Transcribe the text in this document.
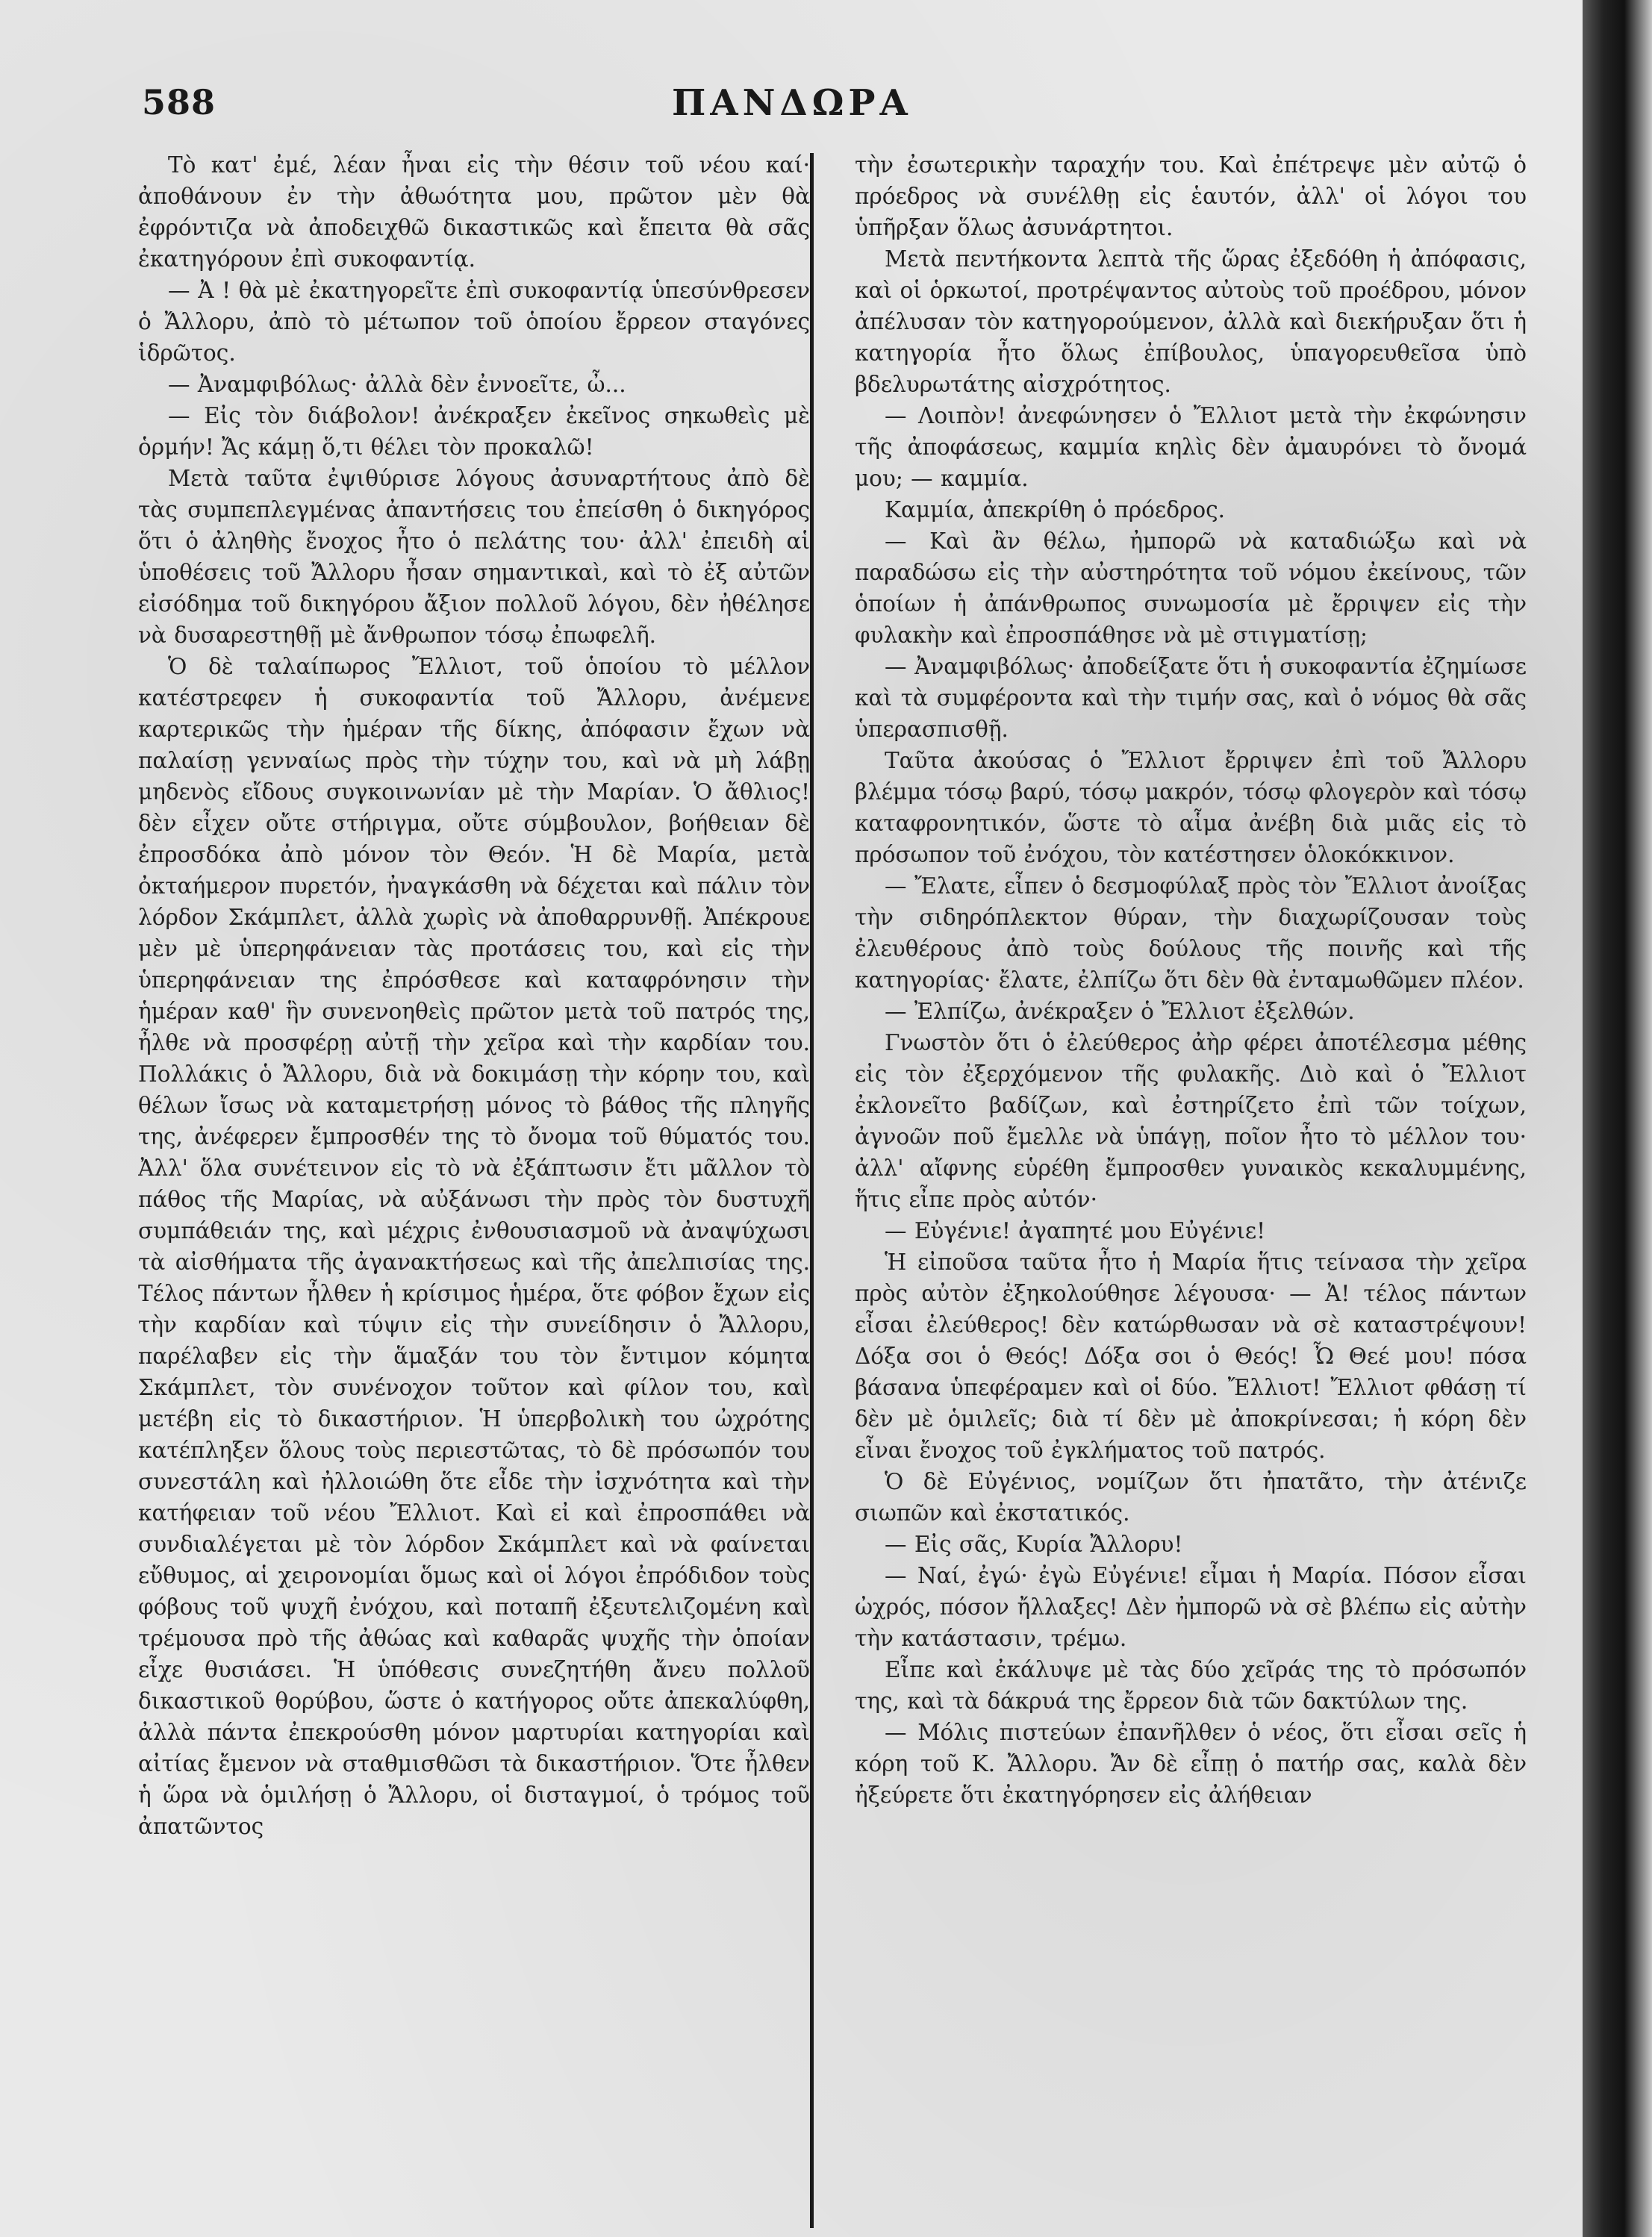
588	ΠΑΝΔΩΡΑ

Τὸ κατ' ἐμέ, λέαν ἦναι εἰς τὴν θέσιν τοῦ νέου καί· ἀποθάνουν ἐν τὴν ἀθωότητα μου, πρῶτον μὲν θὰ ἐφρόντιζα νὰ ἀποδειχθῶ δικαστικῶς καὶ ἔπειτα θὰ σᾶς ἐκατηγόρουν ἐπὶ συκοφαντίᾳ.

— Ἀ ! θὰ μὲ ἐκατηγορεῖτε ἐπὶ συκοφαντίᾳ ὑπεσύνθρεσεν ὁ Ἄλλορυ, ἀπὸ τὸ μέτωπον τοῦ ὁποίου ἔρρεον σταγόνες ἱδρῶτος.

— Ἀναμφιβόλως· ἀλλὰ δὲν ἐννοεῖτε, ὦ...

— Εἰς τὸν διάβολον! ἀνέκραξεν ἐκεῖνος σηκωθεὶς μὲ ὁρμήν! Ἄς κάμῃ ὅ,τι θέλει τὸν προκαλῶ!

Μετὰ ταῦτα ἐψιθύρισε λόγους ἀσυναρτήτους ἀπὸ δὲ τὰς συμπεπλεγμένας ἀπαντήσεις του ἐπείσθη ὁ δικηγόρος ὅτι ὁ ἀληθὴς ἔνοχος ἦτο ὁ πελάτης του· ἀλλ' ἐπειδὴ αἱ ὑποθέσεις τοῦ Ἄλλορυ ἦσαν σημαντικαὶ, καὶ τὸ ἐξ αὐτῶν εἰσόδημα τοῦ δικηγόρου ἄξιον πολλοῦ λόγου, δὲν ἠθέλησε νὰ δυσαρεστηθῇ μὲ ἄνθρωπον τόσῳ ἐπωφελῆ.

Ὁ δὲ ταλαίπωρος Ἔλλιοτ, τοῦ ὁποίου τὸ μέλλον κατέστρεφεν ἡ συκοφαντία τοῦ Ἄλλορυ, ἀνέμενε καρτερικῶς τὴν ἡμέραν τῆς δίκης, ἀπόφασιν ἔχων νὰ παλαίσῃ γενναίως πρὸς τὴν τύχην του, καὶ νὰ μὴ λάβῃ μηδενὸς εἴδους συγκοινωνίαν μὲ τὴν Μαρίαν. Ὁ ἄθλιος! δὲν εἶχεν οὔτε στήριγμα, οὔτε σύμβουλον, βοήθειαν δὲ ἐπροσδόκα ἀπὸ μόνον τὸν Θεόν. Ἡ δὲ Μαρία, μετὰ ὀκταήμερον πυρετόν, ἠναγκάσθη νὰ δέχεται καὶ πάλιν τὸν λόρδον Σκάμπλετ, ἀλλὰ χωρὶς νὰ ἀποθαρρυνθῇ. Ἀπέκρουε μὲν μὲ ὑπερηφάνειαν τὰς προτάσεις του, καὶ εἰς τὴν ὑπερηφάνειαν της ἐπρόσθεσε καὶ καταφρόνησιν τὴν ἡμέραν καθ' ἣν συνενοηθεὶς πρῶτον μετὰ τοῦ πατρός της, ἦλθε νὰ προσφέρῃ αὐτῇ τὴν χεῖρα καὶ τὴν καρδίαν του. Πολλάκις ὁ Ἄλλορυ, διὰ νὰ δοκιμάσῃ τὴν κόρην του, καὶ θέλων ἴσως νὰ καταμετρήσῃ μόνος τὸ βάθος τῆς πληγῆς της, ἀνέφερεν ἔμπροσθέν της τὸ ὄνομα τοῦ θύματός του. Ἀλλ' ὅλα συνέτεινον εἰς τὸ νὰ ἐξάπτωσιν ἔτι μᾶλλον τὸ πάθος τῆς Μαρίας, νὰ αὐξάνωσι τὴν πρὸς τὸν δυστυχῆ συμπάθειάν της, καὶ μέχρις ἐνθουσιασμοῦ νὰ ἀναψύχωσι τὰ αἰσθήματα τῆς ἀγανακτήσεως καὶ τῆς ἀπελπισίας της. Τέλος πάντων ἦλθεν ἡ κρίσιμος ἡμέρα, ὅτε φόβον ἔχων εἰς τὴν καρδίαν καὶ τύψιν εἰς τὴν συνείδησιν ὁ Ἄλλορυ, παρέλαβεν εἰς τὴν ἅμαξάν του τὸν ἔντιμον κόμητα Σκάμπλετ, τὸν συνένοχον τοῦτον καὶ φίλον του, καὶ μετέβη εἰς τὸ δικαστήριον. Ἡ ὑπερβολικὴ του ὠχρότης κατέπληξεν ὅλους τοὺς περιεστῶτας, τὸ δὲ πρόσωπόν του συνεστάλη καὶ ἠλλοιώθη ὅτε εἶδε τὴν ἰσχνότητα καὶ τὴν κατήφειαν τοῦ νέου Ἔλλιοτ. Καὶ εἰ καὶ ἐπροσπάθει νὰ συνδιαλέγεται μὲ τὸν λόρδον Σκάμπλετ καὶ νὰ φαίνεται εὔθυμος, αἱ χειρονομίαι ὅμως καὶ οἱ λόγοι ἐπρόδιδον τοὺς φόβους τοῦ ψυχῆ ἐνόχου, καὶ ποταπῆ ἐξευτελιζομένη καὶ τρέμουσα πρὸ τῆς ἀθώας καὶ καθαρᾶς ψυχῆς τὴν ὁποίαν εἶχε θυσιάσει. Ἡ ὑπόθεσις συνεζητήθη ἄνευ πολλοῦ δικαστικοῦ θορύβου, ὥστε ὁ κατήγορος οὔτε ἀπεκαλύφθη, ἀλλὰ πάντα ἐπεκρούσθη μόνον μαρτυρίαι κατηγορίαι καὶ αἰτίας ἔμενον νὰ σταθμισθῶσι τὰ δικαστήριον. Ὅτε ἦλθεν ἡ ὥρα νὰ ὁμιλήσῃ ὁ Ἄλλορυ, οἱ δισταγμοί, ὁ τρόμος τοῦ ἀπατῶντος

τὴν ἐσωτερικὴν ταραχήν του. Καὶ ἐπέτρεψε μὲν αὐτῷ ὁ πρόεδρος νὰ συνέλθῃ εἰς ἑαυτόν, ἀλλ' οἱ λόγοι του ὑπῆρξαν ὅλως ἀσυνάρτητοι.

Μετὰ πεντήκοντα λεπτὰ τῆς ὥρας ἐξεδόθη ἡ ἀπόφασις, καὶ οἱ ὁρκωτοί, προτρέψαντος αὐτοὺς τοῦ προέδρου, μόνον ἀπέλυσαν τὸν κατηγορούμενον, ἀλλὰ καὶ διεκήρυξαν ὅτι ἡ κατηγορία ἦτο ὅλως ἐπίβουλος, ὑπαγορευθεῖσα ὑπὸ βδελυρωτάτης αἰσχρότητος.

— Λοιπὸν! ἀνεφώνησεν ὁ Ἔλλιοτ μετὰ τὴν ἐκφώνησιν τῆς ἀποφάσεως, καμμία κηλὶς δὲν ἀμαυρόνει τὸ ὄνομά μου; — καμμία.

Καμμία, ἀπεκρίθη ὁ πρόεδρος.

— Καὶ ἂν θέλω, ἠμπορῶ νὰ καταδιώξω καὶ νὰ παραδώσω εἰς τὴν αὐστηρότητα τοῦ νόμου ἐκείνους, τῶν ὁποίων ἡ ἀπάνθρωπος συνωμοσία μὲ ἔρριψεν εἰς τὴν φυλακὴν καὶ ἐπροσπάθησε νὰ μὲ στιγματίσῃ;

— Ἀναμφιβόλως· ἀποδείξατε ὅτι ἡ συκοφαντία ἐζημίωσε καὶ τὰ συμφέροντα καὶ τὴν τιμήν σας, καὶ ὁ νόμος θὰ σᾶς ὑπερασπισθῇ.

Ταῦτα ἀκούσας ὁ Ἔλλιοτ ἔρριψεν ἐπὶ τοῦ Ἄλλορυ βλέμμα τόσῳ βαρύ, τόσῳ μακρόν, τόσῳ φλογερὸν καὶ τόσῳ καταφρονητικόν, ὥστε τὸ αἷμα ἀνέβη διὰ μιᾶς εἰς τὸ πρόσωπον τοῦ ἐνόχου, τὸν κατέστησεν ὁλοκόκκινον.

— Ἔλατε, εἶπεν ὁ δεσμοφύλαξ πρὸς τὸν Ἔλλιοτ ἀνοίξας τὴν σιδηρόπλεκτον θύραν, τὴν διαχωρίζουσαν τοὺς ἐλευθέρους ἀπὸ τοὺς δούλους τῆς ποινῆς καὶ τῆς κατηγορίας· ἔλατε, ἐλπίζω ὅτι δὲν θὰ ἐνταμωθῶμεν πλέον.

— Ἐλπίζω, ἀνέκραξεν ὁ Ἔλλιοτ ἐξελθών.

Γνωστὸν ὅτι ὁ ἐλεύθερος ἀὴρ φέρει ἀποτέλεσμα μέθης εἰς τὸν ἐξερχόμενον τῆς φυλακῆς. Διὸ καὶ ὁ Ἔλλιοτ ἐκλονεῖτο βαδίζων, καὶ ἐστηρίζετο ἐπὶ τῶν τοίχων, ἀγνοῶν ποῦ ἔμελλε νὰ ὑπάγῃ, ποῖον ἦτο τὸ μέλλον του· ἀλλ' αἴφνης εὑρέθη ἔμπροσθεν γυναικὸς κεκαλυμμένης, ἥτις εἶπε πρὸς αὐτόν·

— Εὐγένιε! ἀγαπητέ μου Εὐγένιε!

Ἡ εἰποῦσα ταῦτα ἦτο ἡ Μαρία ἥτις τείνασα τὴν χεῖρα πρὸς αὐτὸν ἐξηκολούθησε λέγουσα· — Ἀ! τέλος πάντων εἶσαι ἐλεύθερος! δὲν κατώρθωσαν νὰ σὲ καταστρέψουν! Δόξα σοι ὁ Θεός! Δόξα σοι ὁ Θεός! Ὦ Θεέ μου! πόσα βάσανα ὑπεφέραμεν καὶ οἱ δύο. Ἔλλιοτ! Ἔλλιοτ φθάσῃ τί δὲν μὲ ὁμιλεῖς; διὰ τί δὲν μὲ ἀποκρίνεσαι; ἡ κόρη δὲν εἶναι ἔνοχος τοῦ ἐγκλήματος τοῦ πατρός.

Ὁ δὲ Εὐγένιος, νομίζων ὅτι ἠπατᾶτο, τὴν ἀτένιζε σιωπῶν καὶ ἐκστατικός.

— Εἰς σᾶς, Κυρία Ἄλλορυ!

— Ναί, ἐγώ· ἐγὼ Εὐγένιε! εἶμαι ἡ Μαρία. Πόσον εἶσαι ὠχρός, πόσον ἤλλαξες! Δὲν ἠμπορῶ νὰ σὲ βλέπω εἰς αὐτὴν τὴν κατάστασιν, τρέμω.

Εἶπε καὶ ἐκάλυψε μὲ τὰς δύο χεῖράς της τὸ πρόσωπόν της, καὶ τὰ δάκρυά της ἔρρεον διὰ τῶν δακτύλων της.

— Μόλις πιστεύων ἐπανῆλθεν ὁ νέος, ὅτι εἶσαι σεῖς ἡ κόρη τοῦ Κ. Ἄλλορυ. Ἄν δὲ εἶπῃ ὁ πατήρ σας, καλὰ δὲν ἠξεύρετε ὅτι ἐκατηγόρησεν εἰς ἀλήθειαν
